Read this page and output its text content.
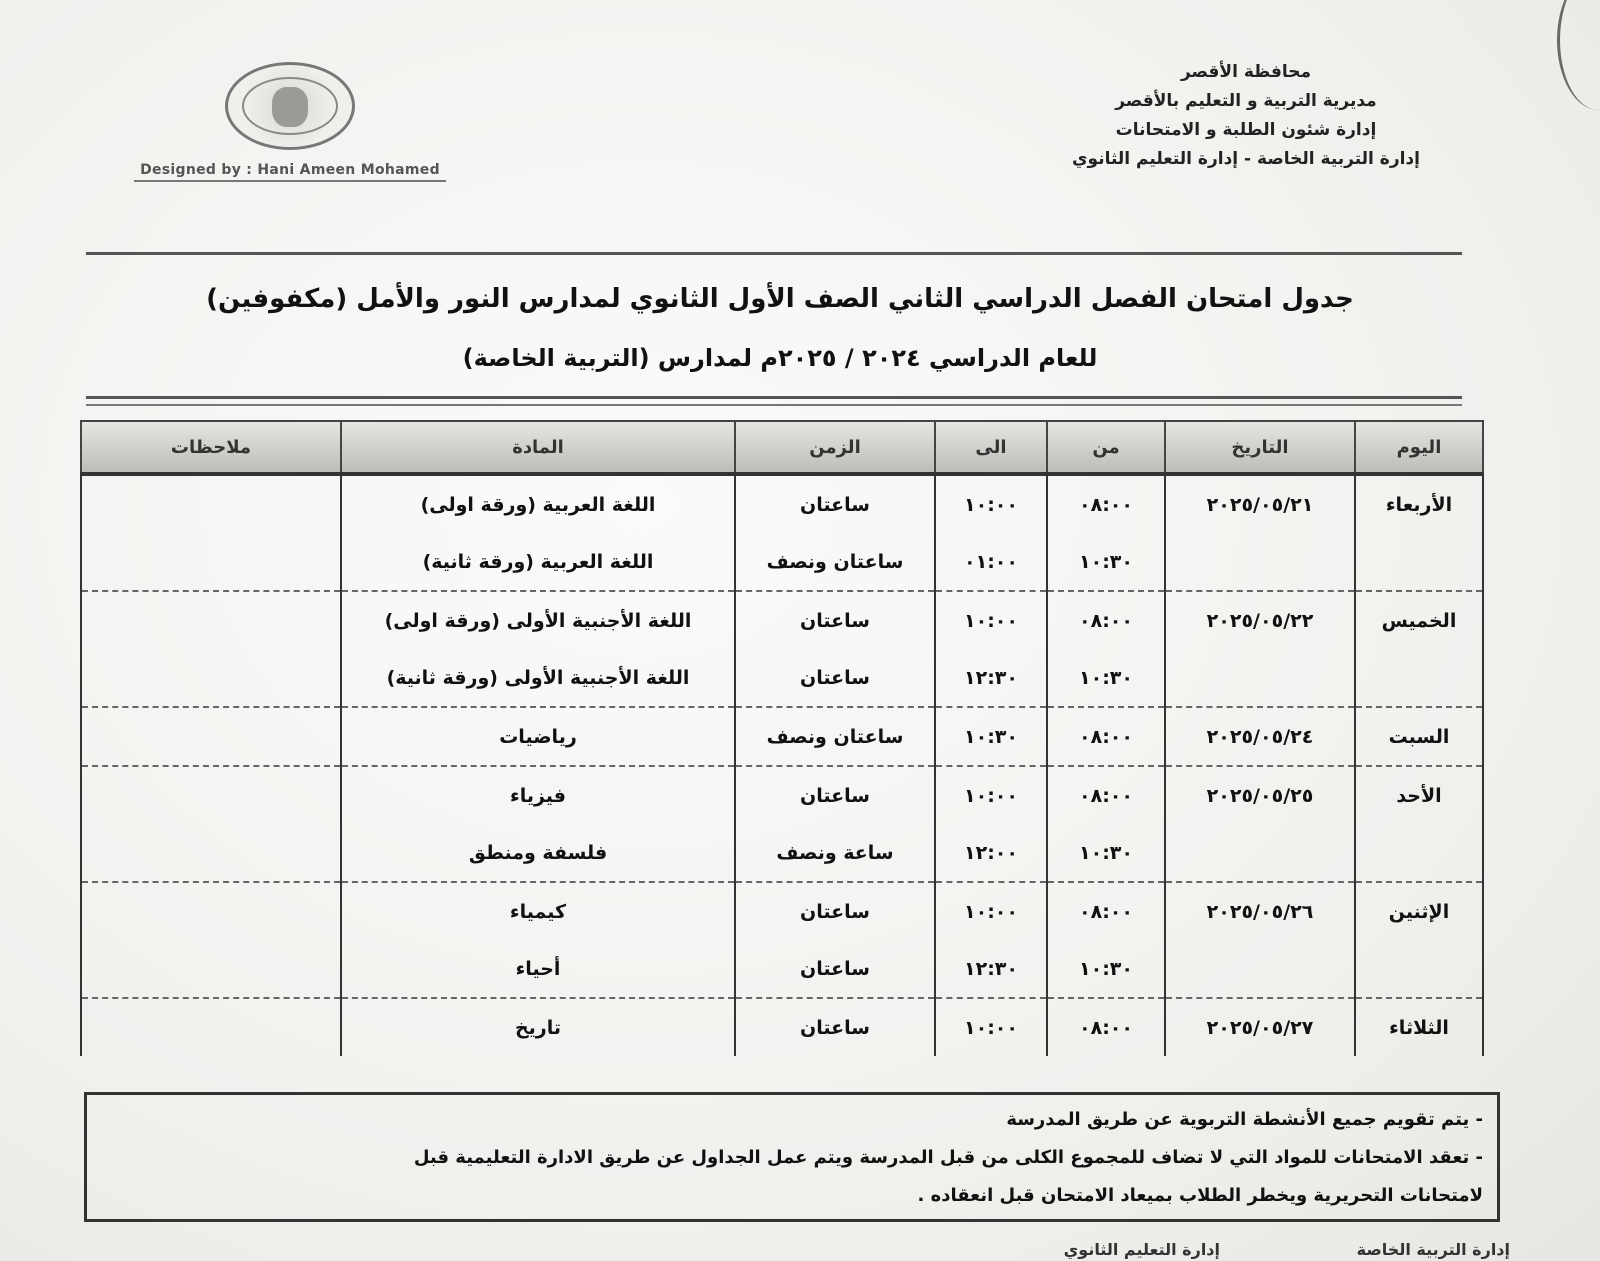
محافظة الأقصر
مديرية التربية و التعليم بالأقصر
إدارة شئون الطلبة و الامتحانات
إدارة التربية الخاصة - إدارة التعليم الثانوي
Designed by : Hani Ameen Mohamed
جدول امتحان الفصل الدراسي الثاني الصف الأول الثانوي لمدارس النور والأمل (مكفوفين)
للعام الدراسي ٢٠٢٤ / ٢٠٢٥م لمدارس (التربية الخاصة)
اليوم	التاريخ	من	الى	الزمن	المادة	ملاحظات
الأربعاء	٢٠٢٥/٠٥/٢١	٠٨:٠٠	١٠:٠٠	ساعتان	اللغة العربية (ورقة اولى)	
		١٠:٣٠	٠١:٠٠	ساعتان ونصف	اللغة العربية (ورقة ثانية)	
الخميس	٢٠٢٥/٠٥/٢٢	٠٨:٠٠	١٠:٠٠	ساعتان	اللغة الأجنبية الأولى (ورقة اولى)	
		١٠:٣٠	١٢:٣٠	ساعتان	اللغة الأجنبية الأولى (ورقة ثانية)	
السبت	٢٠٢٥/٠٥/٢٤	٠٨:٠٠	١٠:٣٠	ساعتان ونصف	رياضيات	
الأحد	٢٠٢٥/٠٥/٢٥	٠٨:٠٠	١٠:٠٠	ساعتان	فيزياء	
		١٠:٣٠	١٢:٠٠	ساعة ونصف	فلسفة ومنطق	
الإثنين	٢٠٢٥/٠٥/٢٦	٠٨:٠٠	١٠:٠٠	ساعتان	كيمياء	
		١٠:٣٠	١٢:٣٠	ساعتان	أحياء	
الثلاثاء	٢٠٢٥/٠٥/٢٧	٠٨:٠٠	١٠:٠٠	ساعتان	تاريخ	

- يتم تقويم جميع الأنشطة التربوية عن طريق المدرسة

- تعقد الامتحانات للمواد التي لا تضاف للمجموع الكلى من قبل المدرسة ويتم عمل الجداول عن طريق الادارة التعليمية قبل

لامتحانات التحريرية ويخطر الطلاب بميعاد الامتحان قبل انعقاده .

إدارة التربية الخاصة
إدارة التعليم الثانوي
